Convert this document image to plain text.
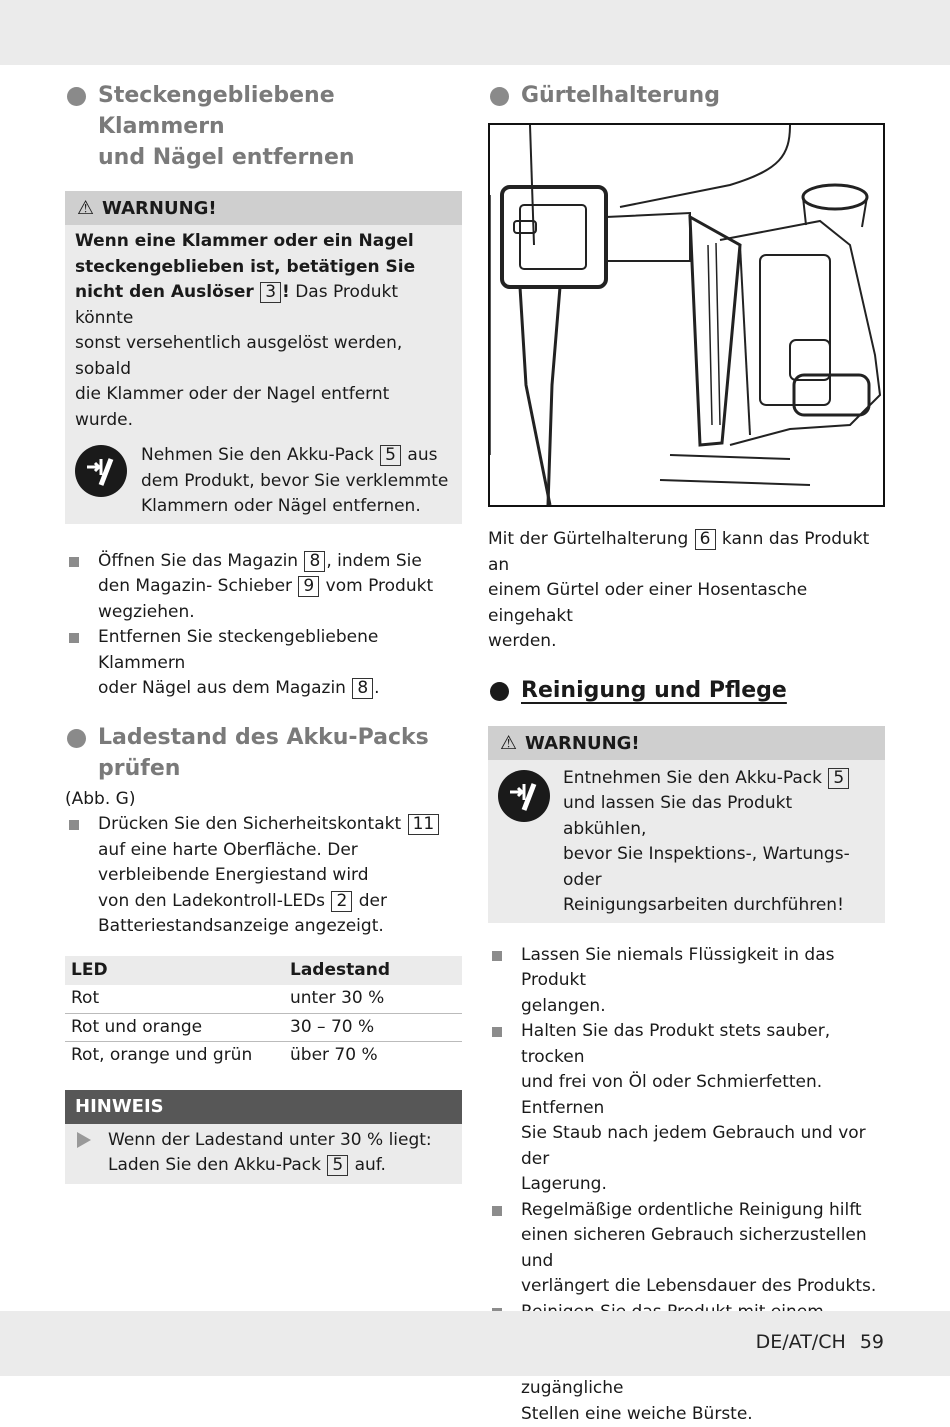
Steckengebliebene Klammern
und Nägel entfernen
⚠ WARNUNG!
Wenn eine Klammer oder ein Nagel
steckengeblieben ist, betätigen Sie
nicht den Auslöser 3 ! Das Produkt könnte
sonst versehentlich ausgelöst werden, sobald
die Klammer oder der Nagel entfernt wurde.
Nehmen Sie den Akku-Pack 5 aus
dem Produkt, bevor Sie verklemmte
Klammern oder Nägel entfernen.
Öffnen Sie das Magazin 8 , indem Sie
den Magazin- Schieber 9 vom Produkt
wegziehen.
Entfernen Sie steckengebliebene Klammern
oder Nägel aus dem Magazin 8 .
Ladestand des Akku-Packs
prüfen
(Abb. G)
Drücken Sie den Sicherheitskontakt 11
auf eine harte Oberfläche. Der
verbleibende Energiestand wird
von den Ladekontroll-LEDs 2 der
Batteriestandsanzeige angezeigt.
LED	Ladestand
Rot	unter 30 %
Rot und orange	30 – 70 %
Rot, orange und grün	über 70 %
HINWEIS
Wenn der Ladestand unter 30 % liegt:
Laden Sie den Akku-Pack 5 auf.
Gürtelhalterung
Mit der Gürtelhalterung 6 kann das Produkt an
einem Gürtel oder einer Hosentasche eingehakt
werden.
Reinigung und Pflege
⚠ WARNUNG!
Entnehmen Sie den Akku-Pack 5
und lassen Sie das Produkt abkühlen,
bevor Sie Inspektions-, Wartungs- oder
Reinigungsarbeiten durchführen!
Lassen Sie niemals Flüssigkeit in das Produkt
gelangen.
Halten Sie das Produkt stets sauber, trocken
und frei von Öl oder Schmierfetten. Entfernen
Sie Staub nach jedem Gebrauch und vor der
Lagerung.
Regelmäßige ordentliche Reinigung hilft
einen sicheren Gebrauch sicherzustellen und
verlängert die Lebensdauer des Produkts.
zugängliche
Stellen eine weiche Bürste.
DE/AT/CH 59
